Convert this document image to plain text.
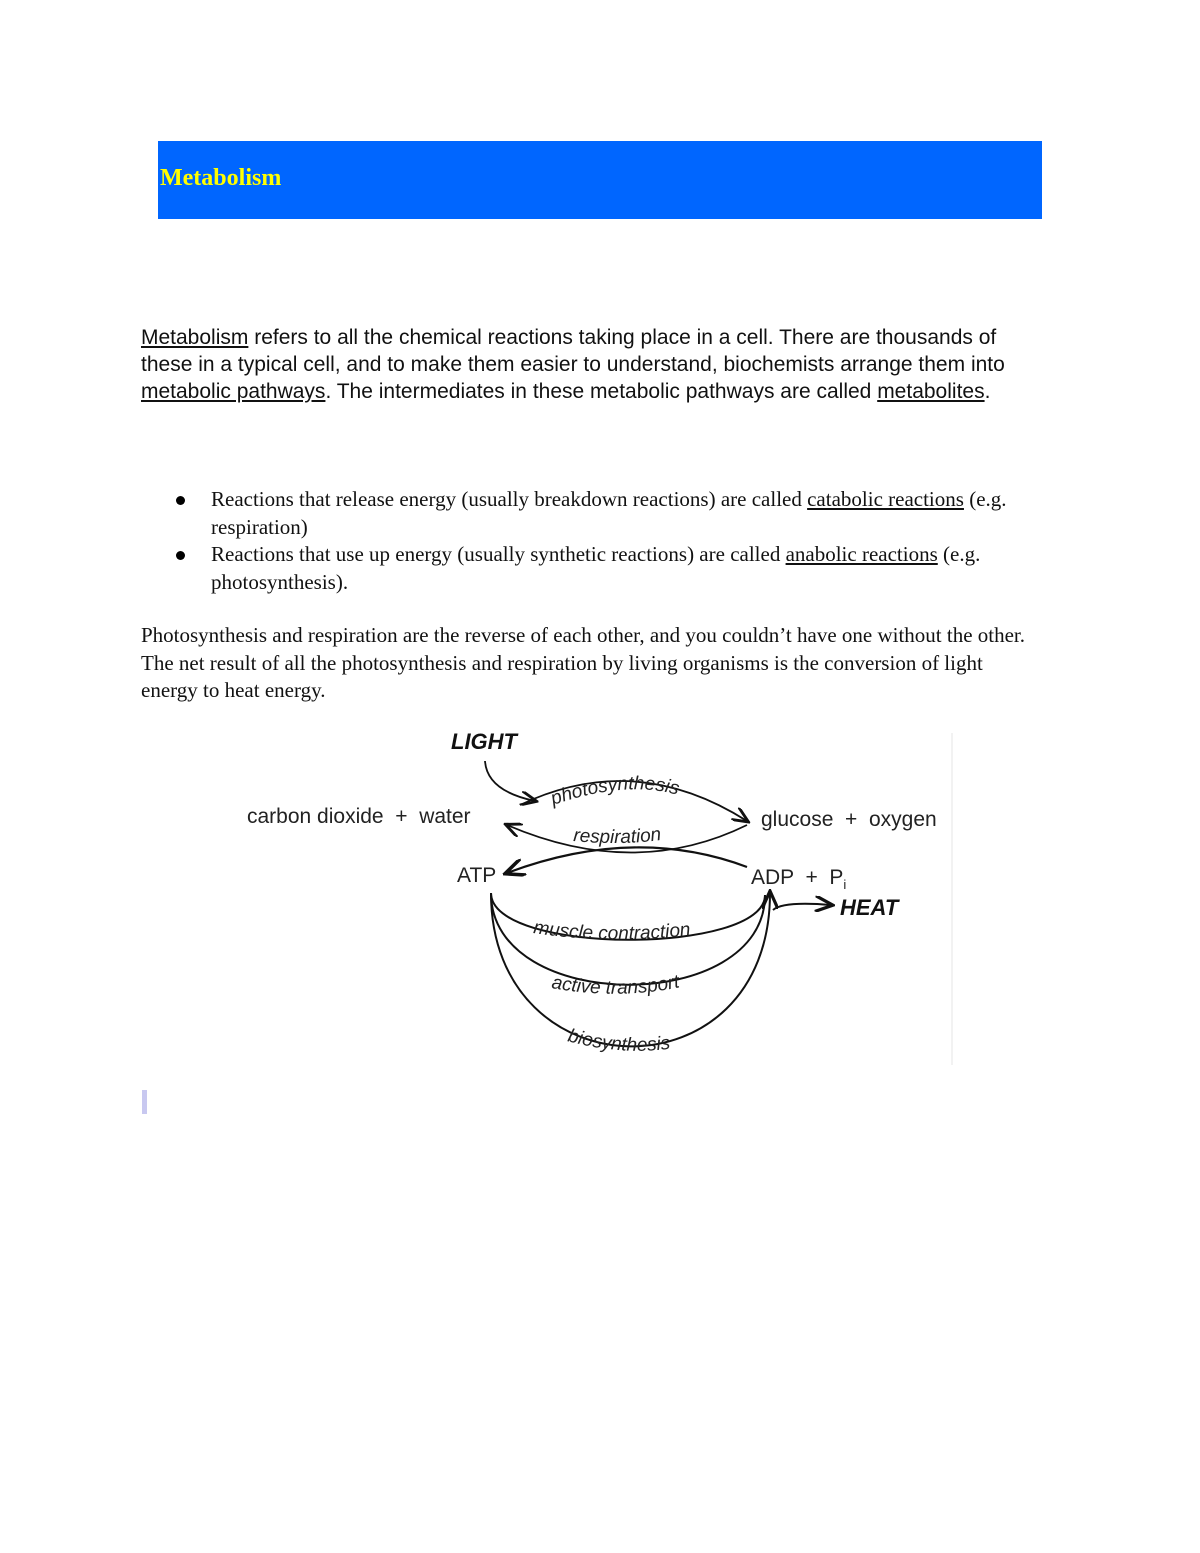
Metabolism

Metabolism refers to all the chemical reactions taking place in a cell. There are thousands of these in a typical cell, and to make them easier to understand, biochemists arrange them into metabolic pathways. The intermediates in these metabolic pathways are called metabolites.

Reactions that release energy (usually breakdown reactions) are called catabolic reactions (e.g. respiration)
Reactions that use up energy (usually synthetic reactions) are called anabolic reactions (e.g. photosynthesis).

Photosynthesis and respiration are the reverse of each other, and you couldn’t have one without the other. The net result of all the photosynthesis and respiration by living organisms is the conversion of light energy to heat energy.

LIGHT
carbon dioxide  +  water	glucose  +  oxygen
photosynthesis
respiration
ATP	ADP  +  $P_i$
HEAT
muscle contraction
active transport
biosynthesis
